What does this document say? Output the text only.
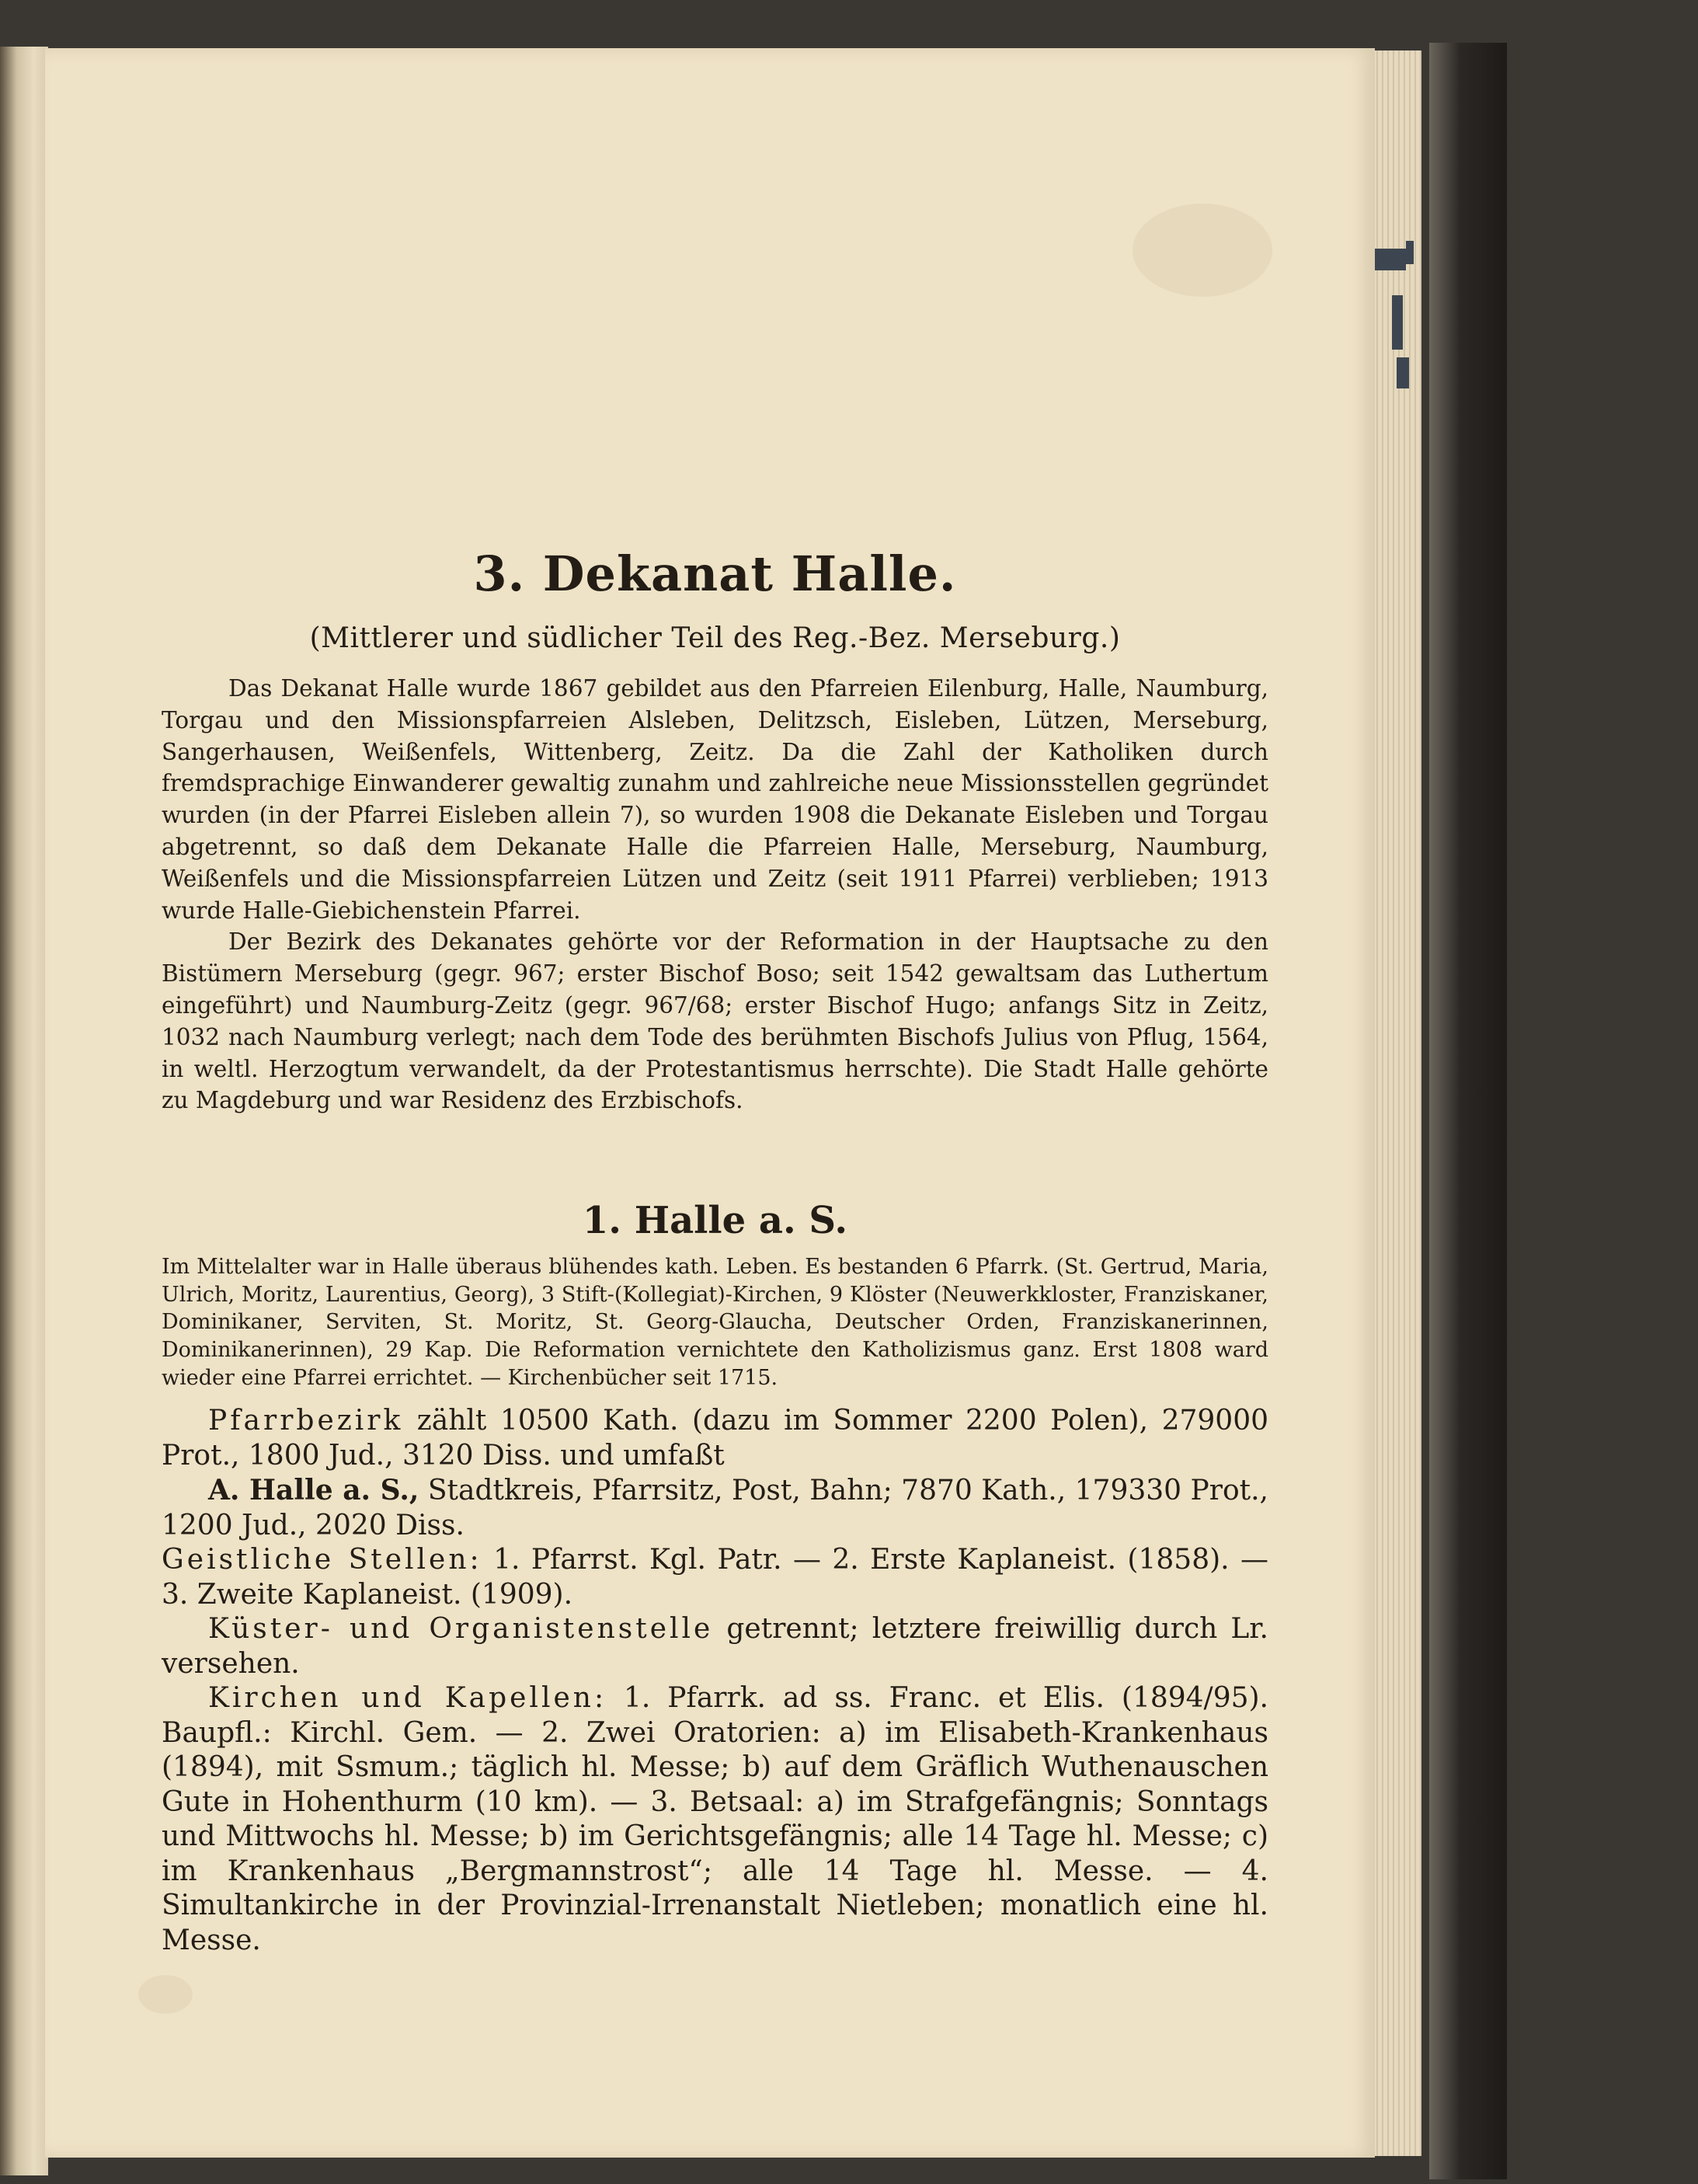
3. Dekanat Halle.
(Mittlerer und südlicher Teil des Reg.-Bez. Merseburg.)

Das Dekanat Halle wurde 1867 gebildet aus den Pfarreien Eilenburg, Halle, Naumburg, Torgau und den Missionspfarreien Alsleben, Delitzsch, Eisleben, Lützen, Merseburg, Sangerhausen, Weißenfels, Wittenberg, Zeitz. Da die Zahl der Katholiken durch fremdsprachige Einwanderer gewaltig zunahm und zahlreiche neue Missionsstellen gegründet wurden (in der Pfarrei Eisleben allein 7), so wurden 1908 die Dekanate Eisleben und Torgau abgetrennt, so daß dem Dekanate Halle die Pfarreien Halle, Merseburg, Naumburg, Weißenfels und die Missionspfarreien Lützen und Zeitz (seit 1911 Pfarrei) verblieben; 1913 wurde Halle-Giebichenstein Pfarrei.

Der Bezirk des Dekanates gehörte vor der Reformation in der Hauptsache zu den Bistümern Merseburg (gegr. 967; erster Bischof Boso; seit 1542 gewaltsam das Luthertum eingeführt) und Naumburg-Zeitz (gegr. 967/68; erster Bischof Hugo; anfangs Sitz in Zeitz, 1032 nach Naumburg verlegt; nach dem Tode des berühmten Bischofs Julius von Pflug, 1564, in weltl. Herzogtum verwandelt, da der Protestantismus herrschte). Die Stadt Halle gehörte zu Magdeburg und war Residenz des Erzbischofs.

1. Halle a. S.

Im Mittelalter war in Halle überaus blühendes kath. Leben. Es bestanden 6 Pfarrk. (St. Gertrud, Maria, Ulrich, Moritz, Laurentius, Georg), 3 Stift-(Kollegiat)-Kirchen, 9 Klöster (Neuwerkkloster, Franziskaner, Dominikaner, Serviten, St. Moritz, St. Georg-Glaucha, Deutscher Orden, Franziskanerinnen, Dominikanerinnen), 29 Kap. Die Reformation vernichtete den Katholizismus ganz. Erst 1808 ward wieder eine Pfarrei errichtet. — Kirchenbücher seit 1715.

Pfarrbezirk zählt 10500 Kath. (dazu im Sommer 2200 Polen), 279000 Prot., 1800 Jud., 3120 Diss. und umfaßt

A. Halle a. S., Stadtkreis, Pfarrsitz, Post, Bahn; 7870 Kath., 179330 Prot., 1200 Jud., 2020 Diss.

Geistliche Stellen: 1. Pfarrst. Kgl. Patr. — 2. Erste Kaplaneist. (1858). — 3. Zweite Kaplaneist. (1909).

Küster- und Organistenstelle getrennt; letztere freiwillig durch Lr. versehen.

Kirchen und Kapellen: 1. Pfarrk. ad ss. Franc. et Elis. (1894/95). Baupfl.: Kirchl. Gem. — 2. Zwei Oratorien: a) im Elisabeth-Krankenhaus (1894), mit Ssmum.; täglich hl. Messe; b) auf dem Gräflich Wuthenauschen Gute in Hohenthurm (10 km). — 3. Betsaal: a) im Strafgefängnis; Sonntags und Mittwochs hl. Messe; b) im Gerichtsgefängnis; alle 14 Tage hl. Messe; c) im Krankenhaus „Bergmannstrost“; alle 14 Tage hl. Messe. — 4. Simultankirche in der Provinzial-Irrenanstalt Nietleben; monatlich eine hl. Messe.
